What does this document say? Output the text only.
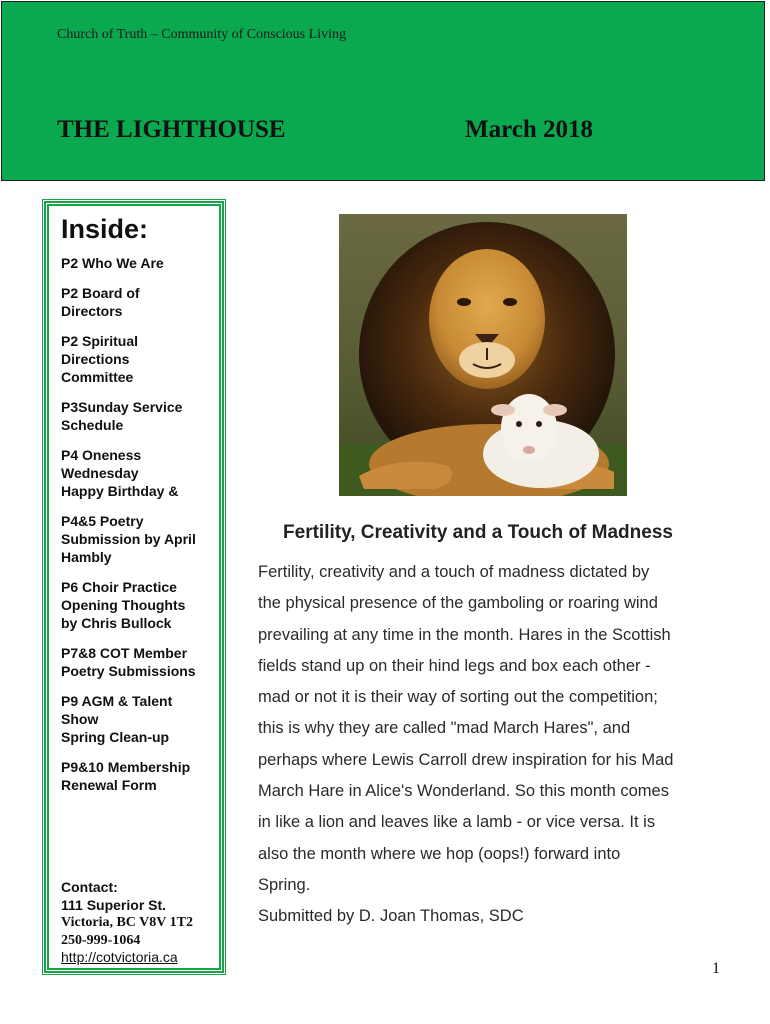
Church of Truth – Community of Conscious Living
THE LIGHTHOUSE	March 2018
Inside:
P2 Who We Are
P2 Board of
Directors
P2 Spiritual
Directions
Committee
P3Sunday Service
Schedule
P4 Oneness
Wednesday
Happy Birthday &
P4&5 Poetry
Submission by April
Hambly
P6 Choir Practice
Opening Thoughts
by Chris Bullock
P7&8 COT Member
Poetry Submissions
P9 AGM & Talent
Show
Spring Clean-up
P9&10 Membership
Renewal Form
Contact:
111 Superior St.
Victoria, BC V8V 1T2
250-999-1064
http://cotvictoria.ca
Fertility, Creativity and a Touch of Madness
Fertility, creativity and a touch of madness dictated by
the physical presence of the gamboling or roaring wind
prevailing at any time in the month. Hares in the Scottish
fields stand up on their hind legs and box each other -
mad or not it is their way of sorting out the competition;
this is why they are called "mad March Hares", and
perhaps where Lewis Carroll drew inspiration for his Mad
March Hare in Alice's Wonderland. So this month comes
in like a lion and leaves like a lamb - or vice versa. It is
also the month where we hop (oops!) forward into
Spring.
Submitted by D. Joan Thomas, SDC
1
